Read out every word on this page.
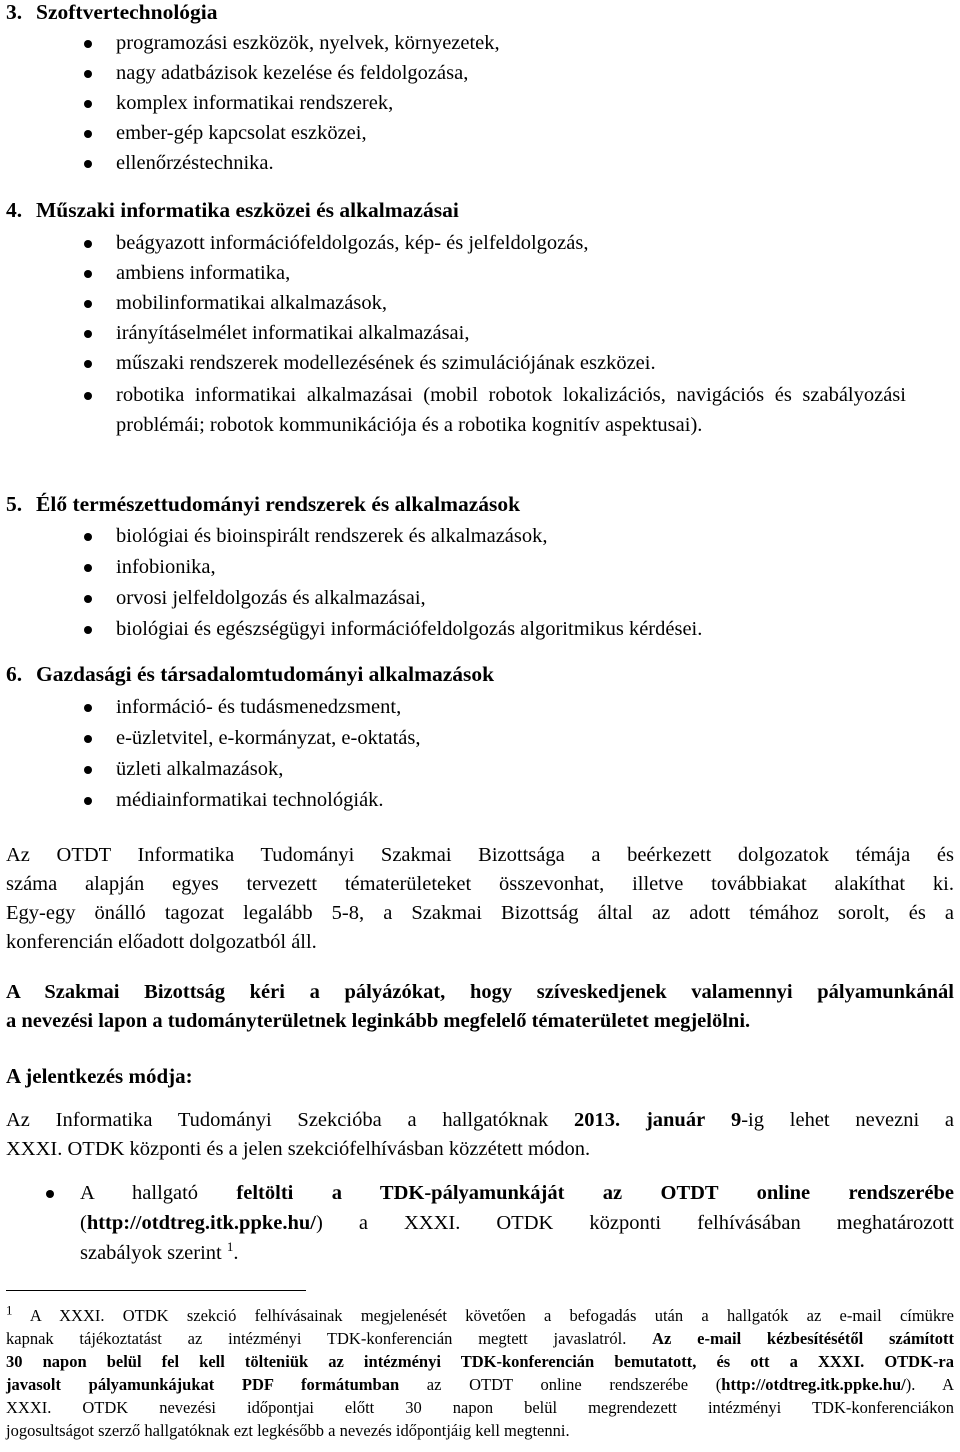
3. Szoftvertechnológia
programozási eszközök, nyelvek, környezetek,
nagy adatbázisok kezelése és feldolgozása,
komplex informatikai rendszerek,
ember-gép kapcsolat eszközei,
ellenőrzéstechnika.
4. Műszaki informatika eszközei és alkalmazásai
beágyazott információfeldolgozás, kép- és jelfeldolgozás,
ambiens informatika,
mobilinformatikai alkalmazások,
irányításelmélet informatikai alkalmazásai,
műszaki rendszerek modellezésének és szimulációjának eszközei.
robotika informatikai alkalmazásai (mobil robotok lokalizációs, navigációs és szabályozási problémái; robotok kommunikációja és a robotika kognitív aspektusai).
5. Élő természettudományi rendszerek és alkalmazások
biológiai és bioinspirált rendszerek és alkalmazások,
infobionika,
orvosi jelfeldolgozás és alkalmazásai,
biológiai és egészségügyi információfeldolgozás algoritmikus kérdései.
6. Gazdasági és társadalomtudományi alkalmazások
információ- és tudásmenedzsment,
e-üzletvitel, e-kormányzat, e-oktatás,
üzleti alkalmazások,
médiainformatikai technológiák.
Az OTDT Informatika Tudományi Szakmai Bizottsága a beérkezett dolgozatok témája és
száma alapján egyes tervezett tématerületeket összevonhat, illetve továbbiakat alakíthat ki.
Egy-egy önálló tagozat legalább 5-8, a Szakmai Bizottság által az adott témához sorolt, és a
konferencián előadott dolgozatból áll.
A Szakmai Bizottság kéri a pályázókat, hogy szíveskedjenek valamennyi pályamunkánál
a nevezési lapon a tudományterületnek leginkább megfelelő tématerületet megjelölni.
A jelentkezés módja:
Az Informatika Tudományi Szekcióba a hallgatóknak 2013. január 9-ig lehet nevezni a
XXXI. OTDK központi és a jelen szekciófelhívásban közzétett módon.
A hallgató feltölti a TDK-pályamunkáját az OTDT online rendszerébe
(http://otdtreg.itk.ppke.hu/) a XXXI. OTDK központi felhívásában meghatározott
szabályok szerint $^1$.
$^1$ A XXXI. OTDK szekció felhívásainak megjelenését követően a befogadás után a hallgatók az e-mail címükre
kapnak tájékoztatást az intézményi TDK-konferencián megtett javaslatról. Az e-mail kézbesítésétől számított
30 napon belül fel kell tölteniük az intézményi TDK-konferencián bemutatott, és ott a XXXI. OTDK-ra
javasolt pályamunkájukat PDF formátumban az OTDT online rendszerébe (http://otdtreg.itk.ppke.hu/). A
XXXI. OTDK nevezési időpontjai előtt 30 napon belül megrendezett intézményi TDK-konferenciákon
jogosultságot szerző hallgatóknak ezt legkésőbb a nevezés időpontjáig kell megtenni.
